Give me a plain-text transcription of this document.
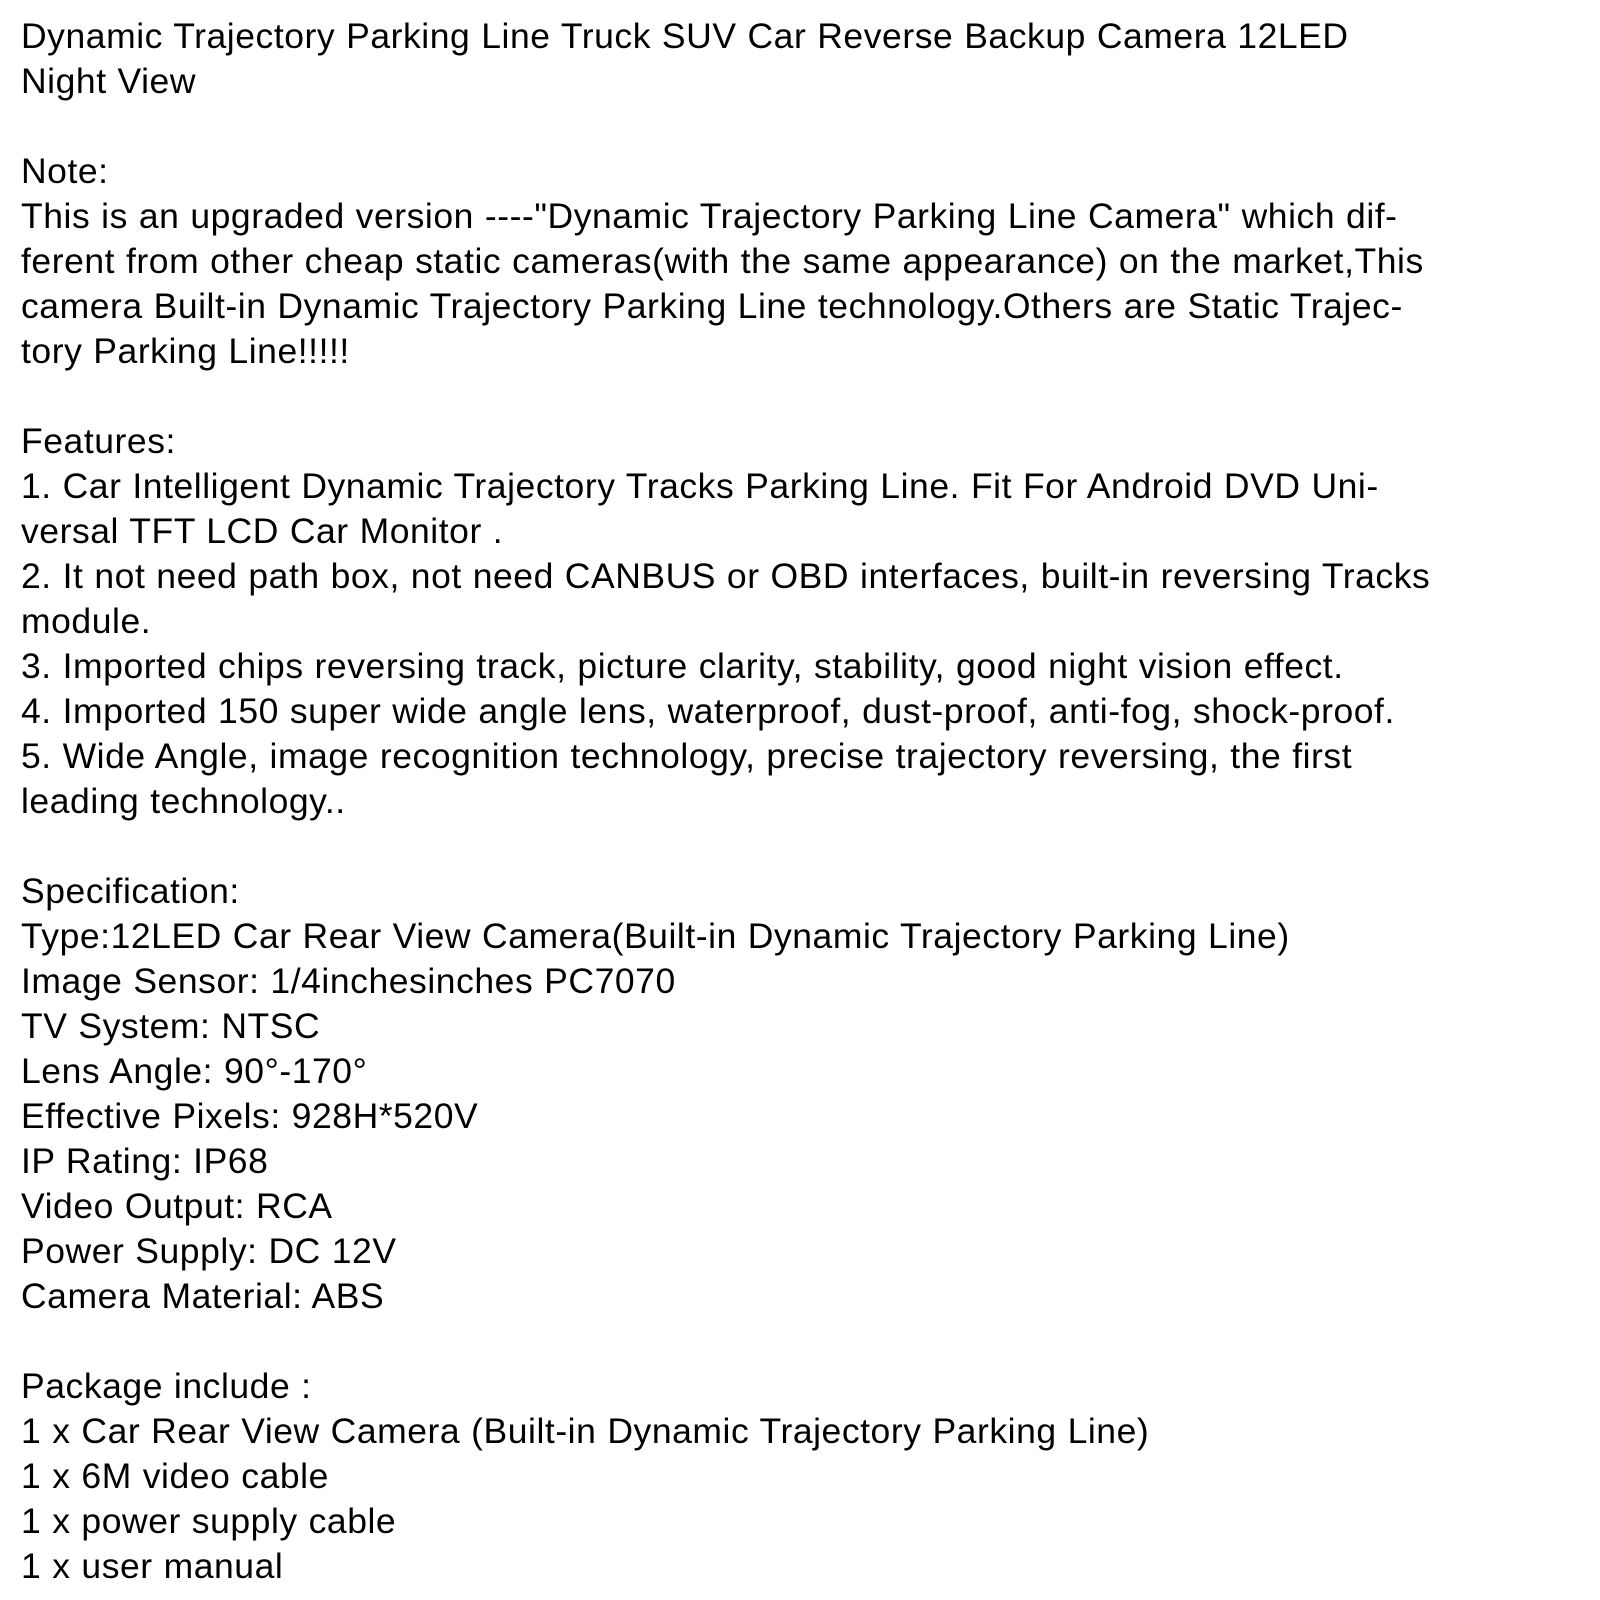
Dynamic Trajectory Parking Line Truck SUV Car Reverse Backup Camera 12LED
Night View
Note:
This is an upgraded version ----"Dynamic Trajectory Parking Line Camera" which dif-
ferent from other cheap static cameras(with the same appearance) on the market,This
camera Built-in Dynamic Trajectory Parking Line technology.Others are Static Trajec-
tory Parking Line!!!!!
Features:
1. Car Intelligent Dynamic Trajectory Tracks Parking Line. Fit For Android DVD Uni-
versal TFT LCD Car Monitor .
2. It not need path box, not need CANBUS or OBD interfaces, built-in reversing Tracks
module.
3. Imported chips reversing track, picture clarity, stability, good night vision effect.
4. Imported 150 super wide angle lens, waterproof, dust-proof, anti-fog, shock-proof.
5. Wide Angle, image recognition technology, precise trajectory reversing, the first
leading technology..
Specification:
Type:12LED Car Rear View Camera(Built-in Dynamic Trajectory Parking Line)
Image Sensor: 1/4inchesinches PC7070
TV System: NTSC
Lens Angle: 90°-170°
Effective Pixels: 928H*520V
IP Rating: IP68
Video Output: RCA
Power Supply: DC 12V
Camera Material: ABS
Package include :
1 x Car Rear View Camera (Built-in Dynamic Trajectory Parking Line)
1 x 6M video cable
1 x power supply cable
1 x user manual
